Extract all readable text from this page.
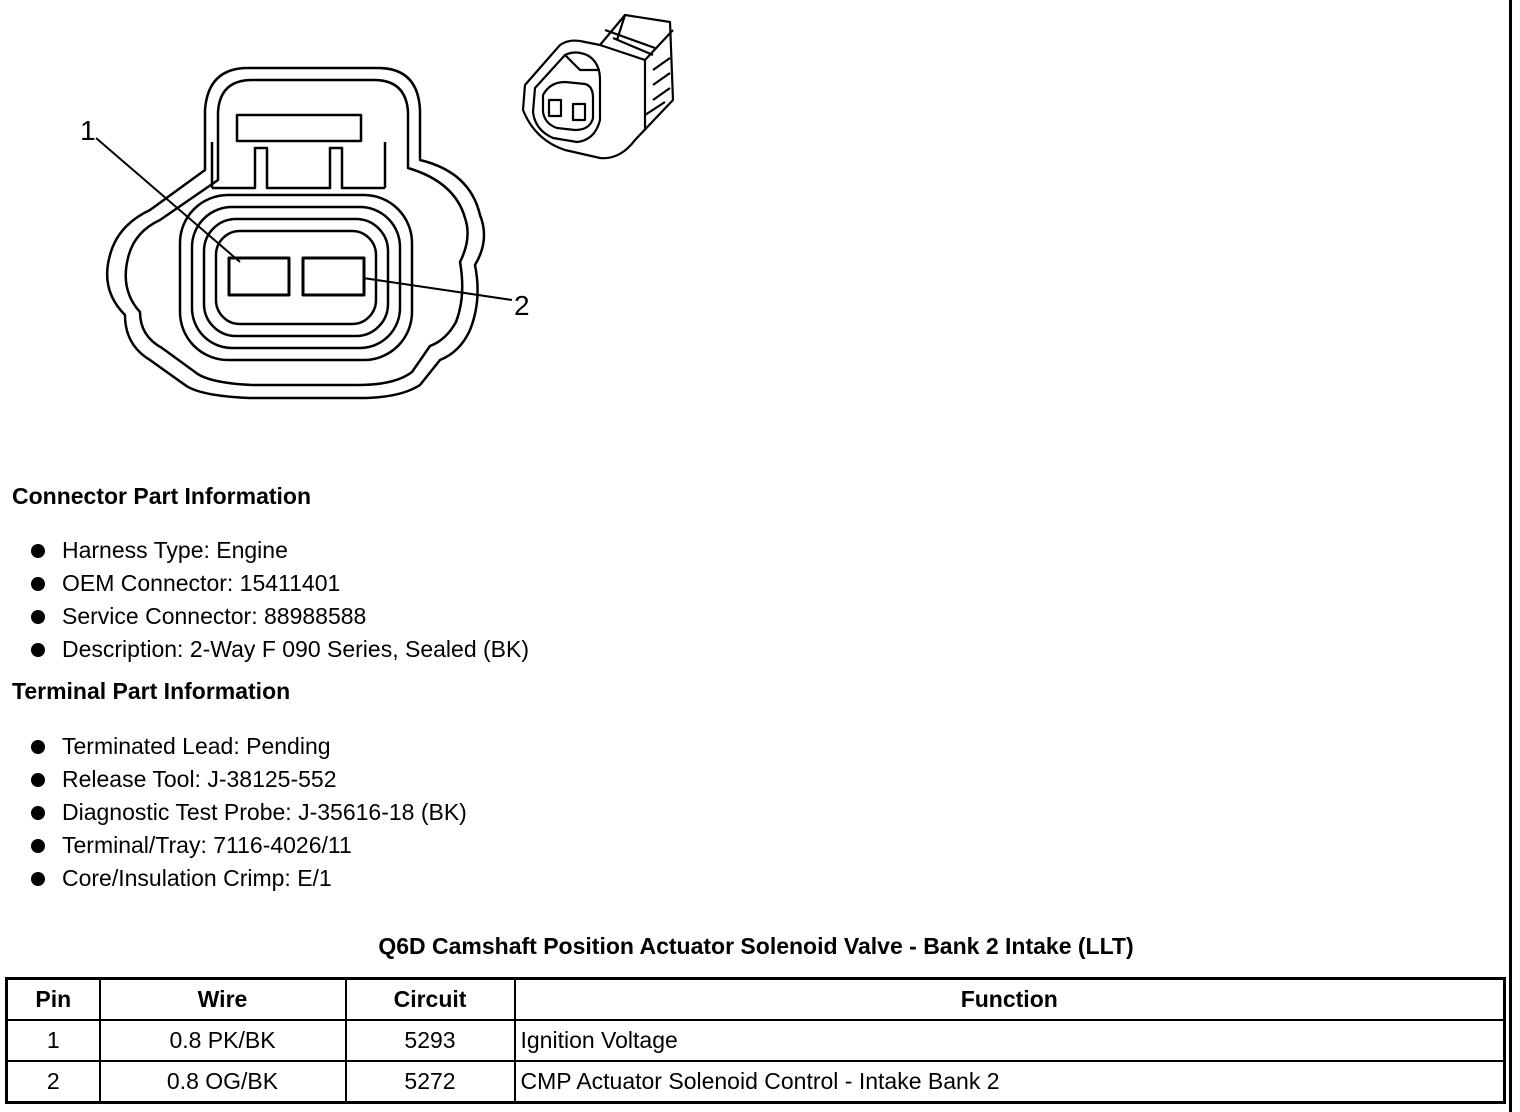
1
2
Connector Part Information
Harness Type: Engine
OEM Connector: 15411401
Service Connector: 88988588
Description: 2-Way F 090 Series, Sealed (BK)
Terminal Part Information
Terminated Lead: Pending
Release Tool: J-38125-552
Diagnostic Test Probe: J-35616-18 (BK)
Terminal/Tray: 7116-4026/11
Core/Insulation Crimp: E/1
Q6D Camshaft Position Actuator Solenoid Valve - Bank 2 Intake (LLT)
Pin	Wire	Circuit	Function
1	0.8 PK/BK	5293	Ignition Voltage
2	0.8 OG/BK	5272	CMP Actuator Solenoid Control - Intake Bank 2
